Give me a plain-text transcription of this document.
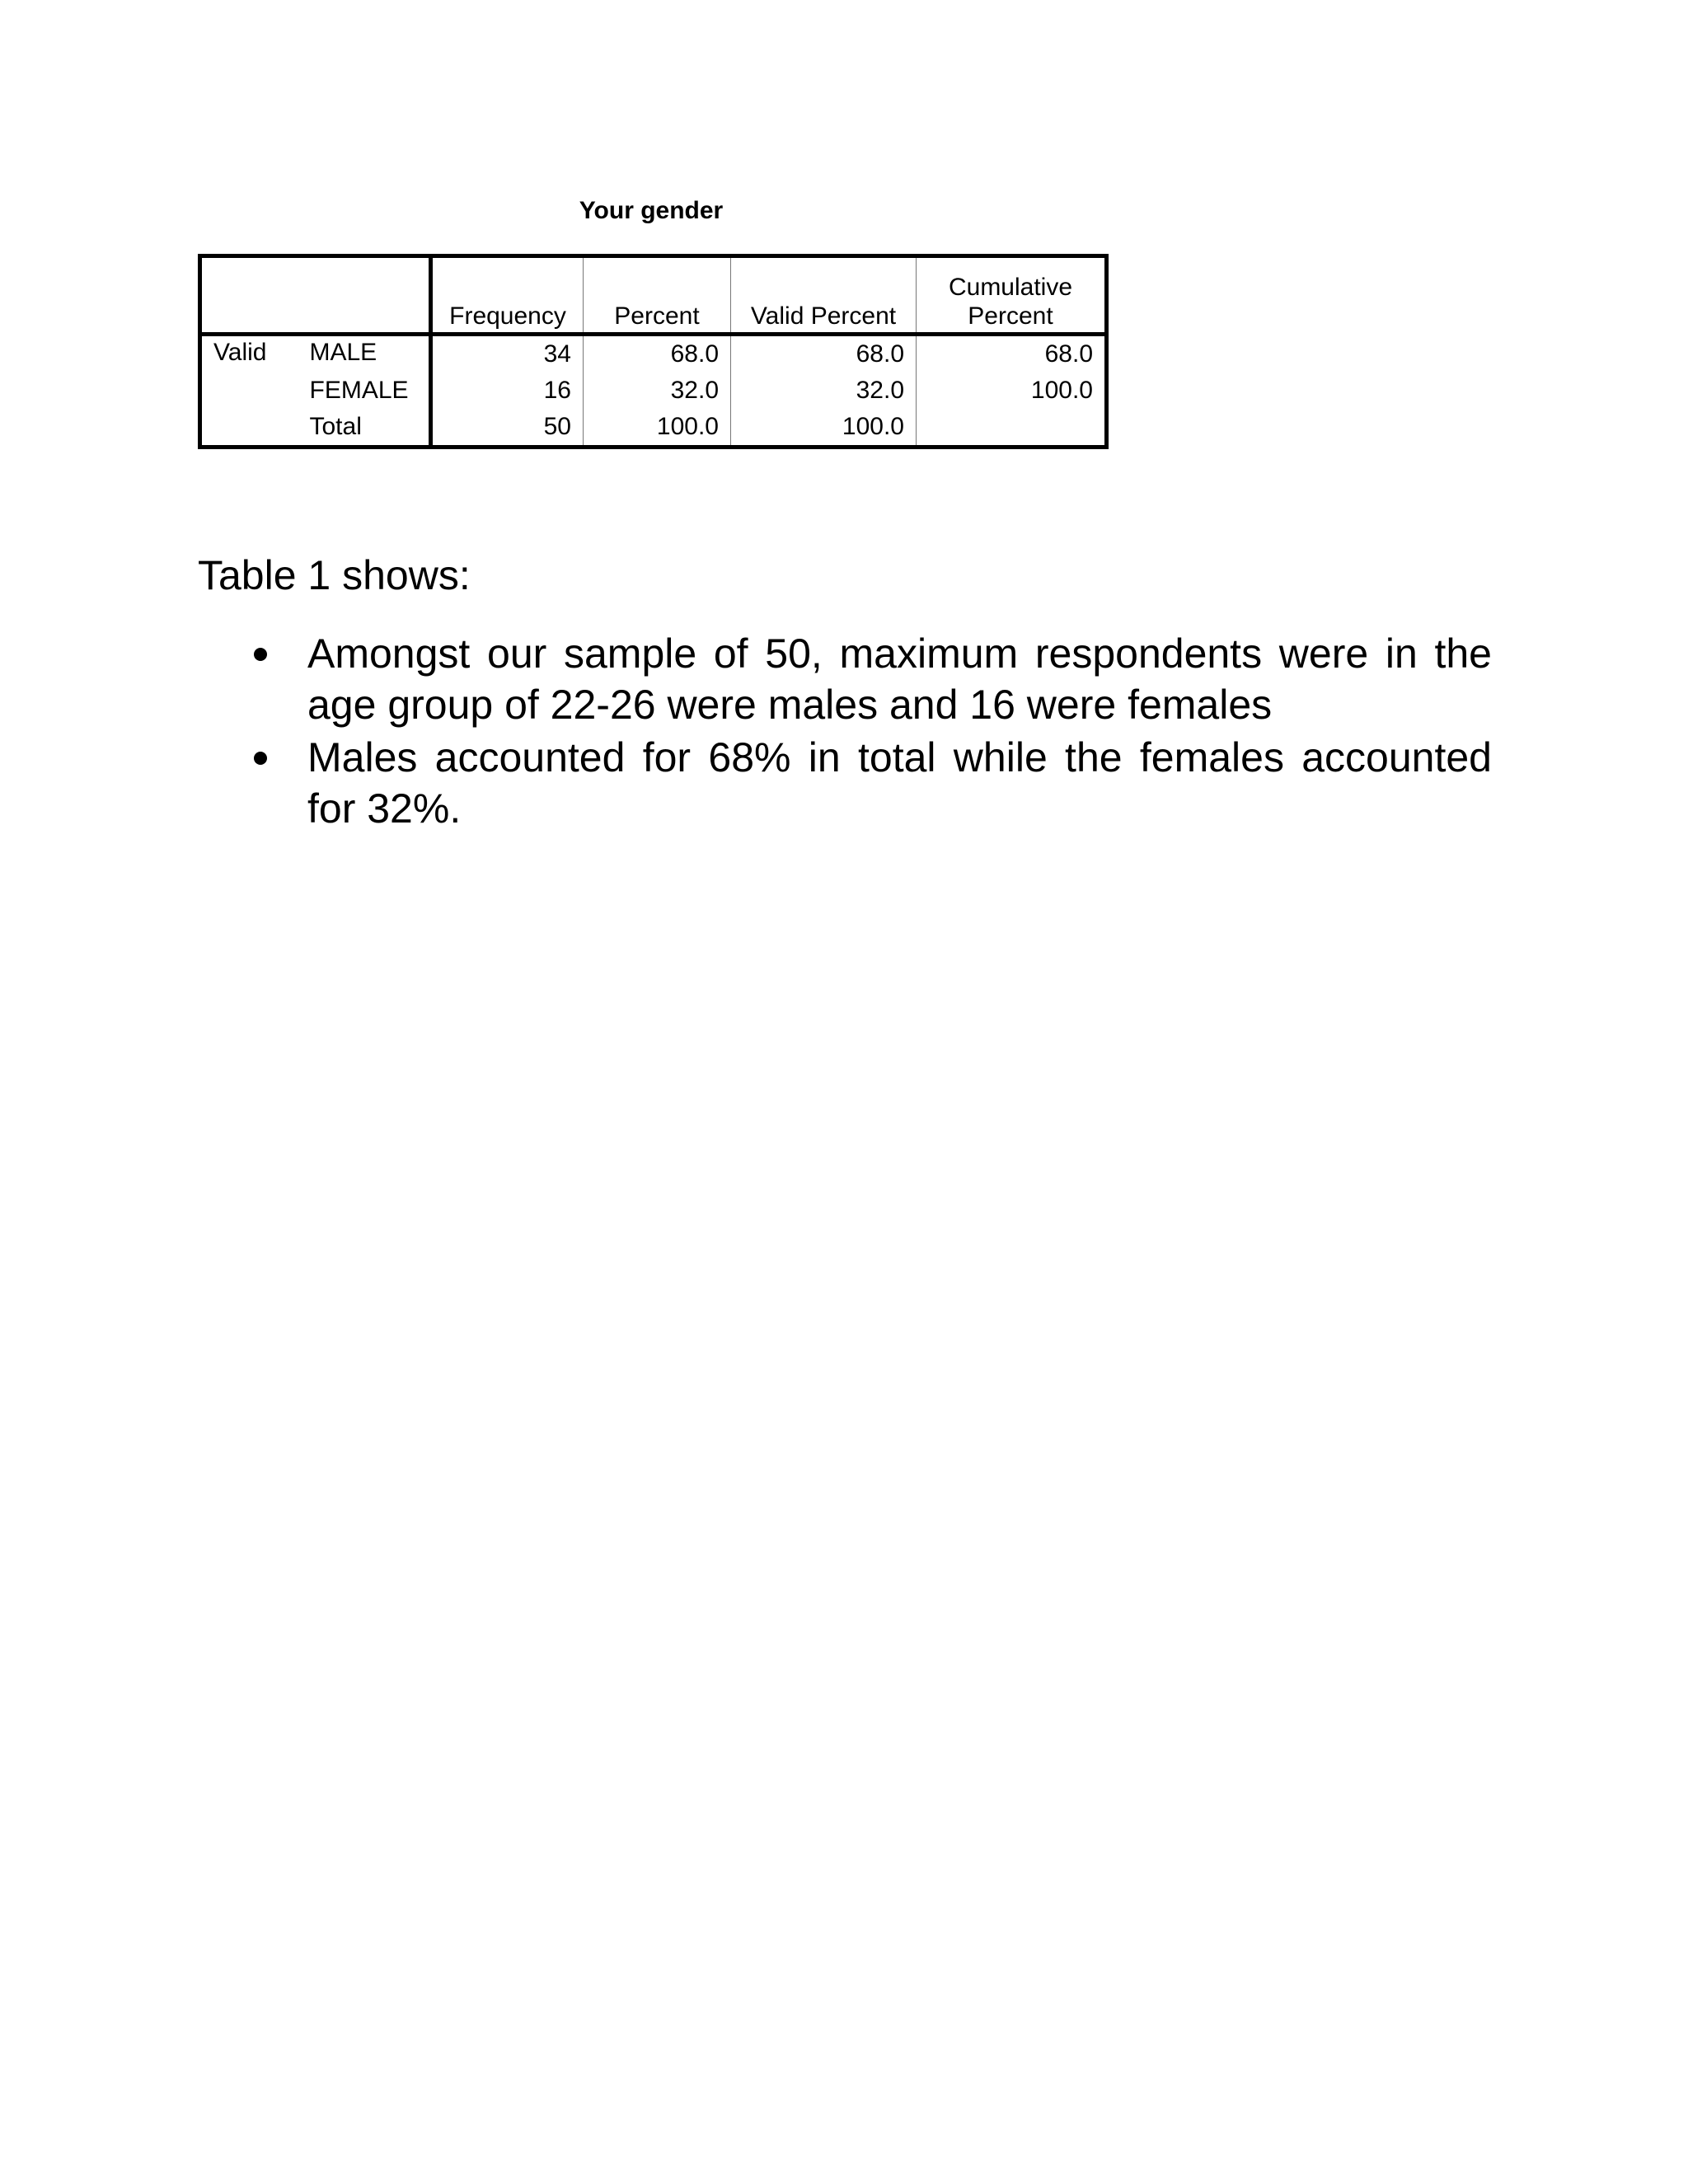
Your gender
		Frequency	Percent	Valid Percent	Cumulative Percent
Valid	MALE	34	68.0	68.0	68.0
	FEMALE	16	32.0	32.0	100.0
	Total	50	100.0	100.0	

Table 1 shows:

Amongst our sample of 50, maximum respondents were in the age group of 22-26 were males and 16 were females
Males accounted for 68% in total while the females accounted for 32%.
